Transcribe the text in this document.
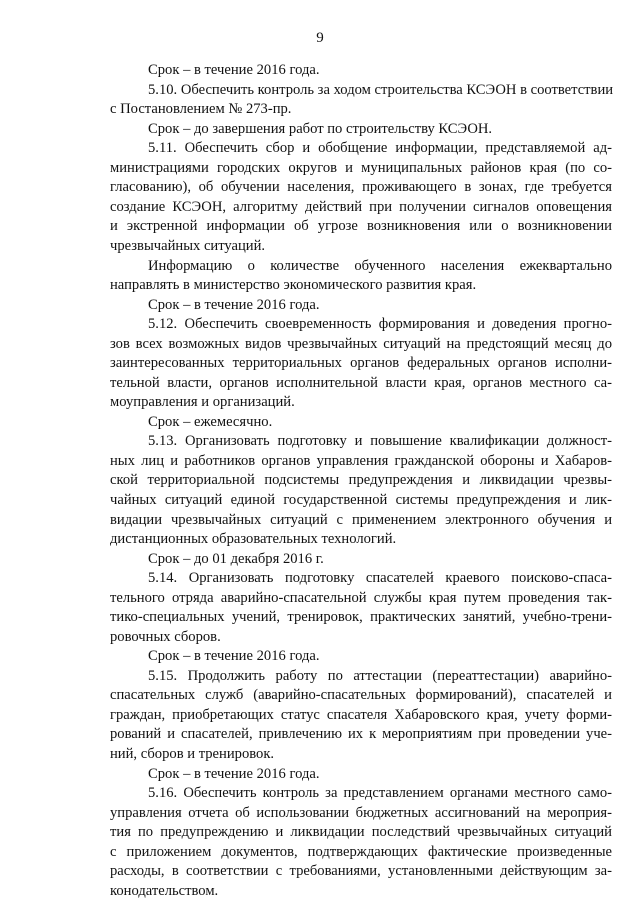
9
Срок – в течение 2016 года.
5.10. Обеспечить контроль за ходом строительства КСЭОН в соответствии
с Постановлением № 273-пр.
Срок – до завершения работ по строительству КСЭОН.
5.11. Обеспечить сбор и обобщение информации, представляемой ад-
министрациями городских округов и муниципальных районов края (по со-
гласованию), об обучении населения, проживающего в зонах, где требуется
создание КСЭОН, алгоритму действий при получении сигналов оповещения
и экстренной информации об угрозе возникновения или о возникновении
чрезвычайных ситуаций.
Информацию о количестве обученного населения ежеквартально
направлять в министерство экономического развития края.
Срок – в течение 2016 года.
5.12. Обеспечить своевременность формирования и доведения прогно-
зов всех возможных видов чрезвычайных ситуаций на предстоящий месяц до
заинтересованных территориальных органов федеральных органов исполни-
тельной власти, органов исполнительной власти края, органов местного са-
моуправления и организаций.
Срок – ежемесячно.
5.13. Организовать подготовку и повышение квалификации должност-
ных лиц и работников органов управления гражданской обороны и Хабаров-
ской территориальной подсистемы предупреждения и ликвидации чрезвы-
чайных ситуаций единой государственной системы предупреждения и лик-
видации чрезвычайных ситуаций с применением электронного обучения и
дистанционных образовательных технологий.
Срок – до 01 декабря 2016 г.
5.14. Организовать подготовку спасателей краевого поисково-спаса-
тельного отряда аварийно-спасательной службы края путем проведения так-
тико-специальных учений, тренировок, практических занятий, учебно-трени-
ровочных сборов.
Срок – в течение 2016 года.
5.15. Продолжить работу по аттестации (переаттестации) аварийно-
спасательных служб (аварийно-спасательных формирований), спасателей и
граждан, приобретающих статус спасателя Хабаровского края, учету форми-
рований и спасателей, привлечению их к мероприятиям при проведении уче-
ний, сборов и тренировок.
Срок – в течение 2016 года.
5.16. Обеспечить контроль за представлением органами местного само-
управления отчета об использовании бюджетных ассигнований на мероприя-
тия по предупреждению и ликвидации последствий чрезвычайных ситуаций
с приложением документов, подтверждающих фактические произведенные
расходы, в соответствии с требованиями, установленными действующим за-
конодательством.
